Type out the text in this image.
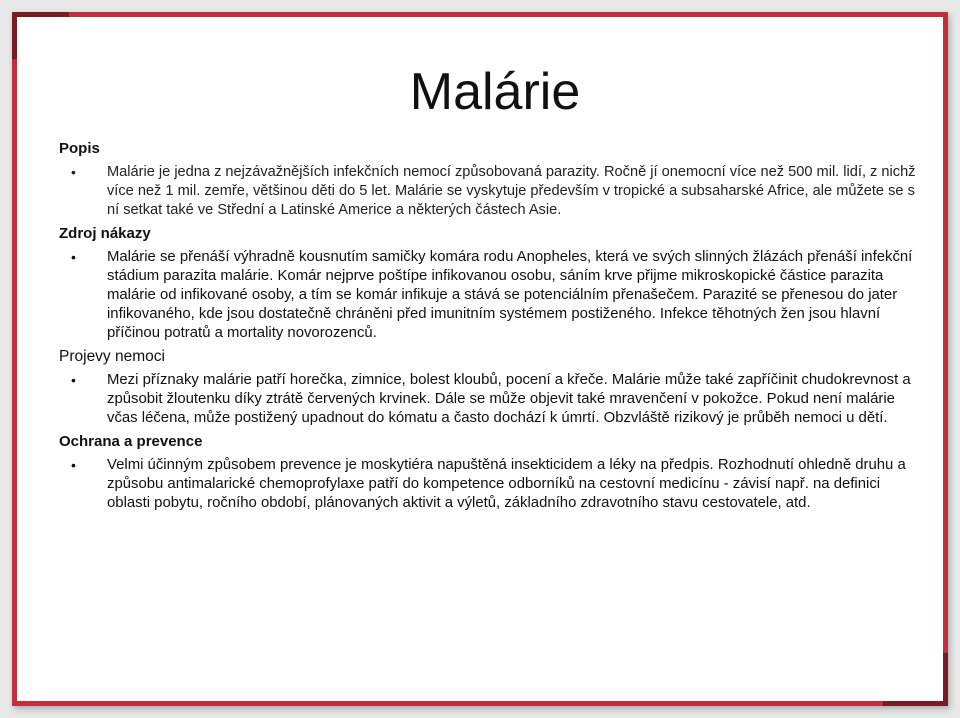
Malárie
Popis
• Malárie je jedna z nejzávažnějších infekčních nemocí způsobovaná parazity. Ročně jí onemocní více než 500 mil. lidí, z nichž více než 1 mil. zemře, většinou děti do 5 let. Malárie se vyskytuje především v tropické a subsaharské Africe, ale můžete se s ní setkat také ve Střední a Latinské Americe a některých částech Asie.
Zdroj nákazy
• Malárie se přenáší výhradně kousnutím samičky komára rodu Anopheles, která ve svých slinných žlázách přenáší infekční stádium parazita malárie. Komár nejprve poštípe infikovanou osobu, sáním krve přijme mikroskopické částice parazita malárie od infikované osoby, a tím se komár infikuje a stává se potenciálním přenašečem. Parazité se přenesou do jater infikovaného, kde jsou dostatečně chráněni před imunitním systémem postiženého. Infekce těhotných žen jsou hlavní příčinou potratů a mortality novorozenců.
Projevy nemoci
• Mezi příznaky malárie patří horečka, zimnice, bolest kloubů, pocení a křeče. Malárie může také zapříčinit chudokrevnost a způsobit žloutenku díky ztrátě červených krvinek. Dále se může objevit také mravenčení v pokožce. Pokud není malárie včas léčena, může postižený upadnout do kómatu a často dochází k úmrtí. Obzvláště rizikový je průběh nemoci u dětí.
Ochrana a prevence
• Velmi účinným způsobem prevence je moskytiéra napuštěná insekticidem a léky na předpis. Rozhodnutí ohledně druhu a způsobu antimalarické chemoprofylaxe patří do kompetence odborníků na cestovní medicínu - závisí např. na definici oblasti pobytu, ročního období, plánovaných aktivit a výletů, základního zdravotního stavu cestovatele, atd.
